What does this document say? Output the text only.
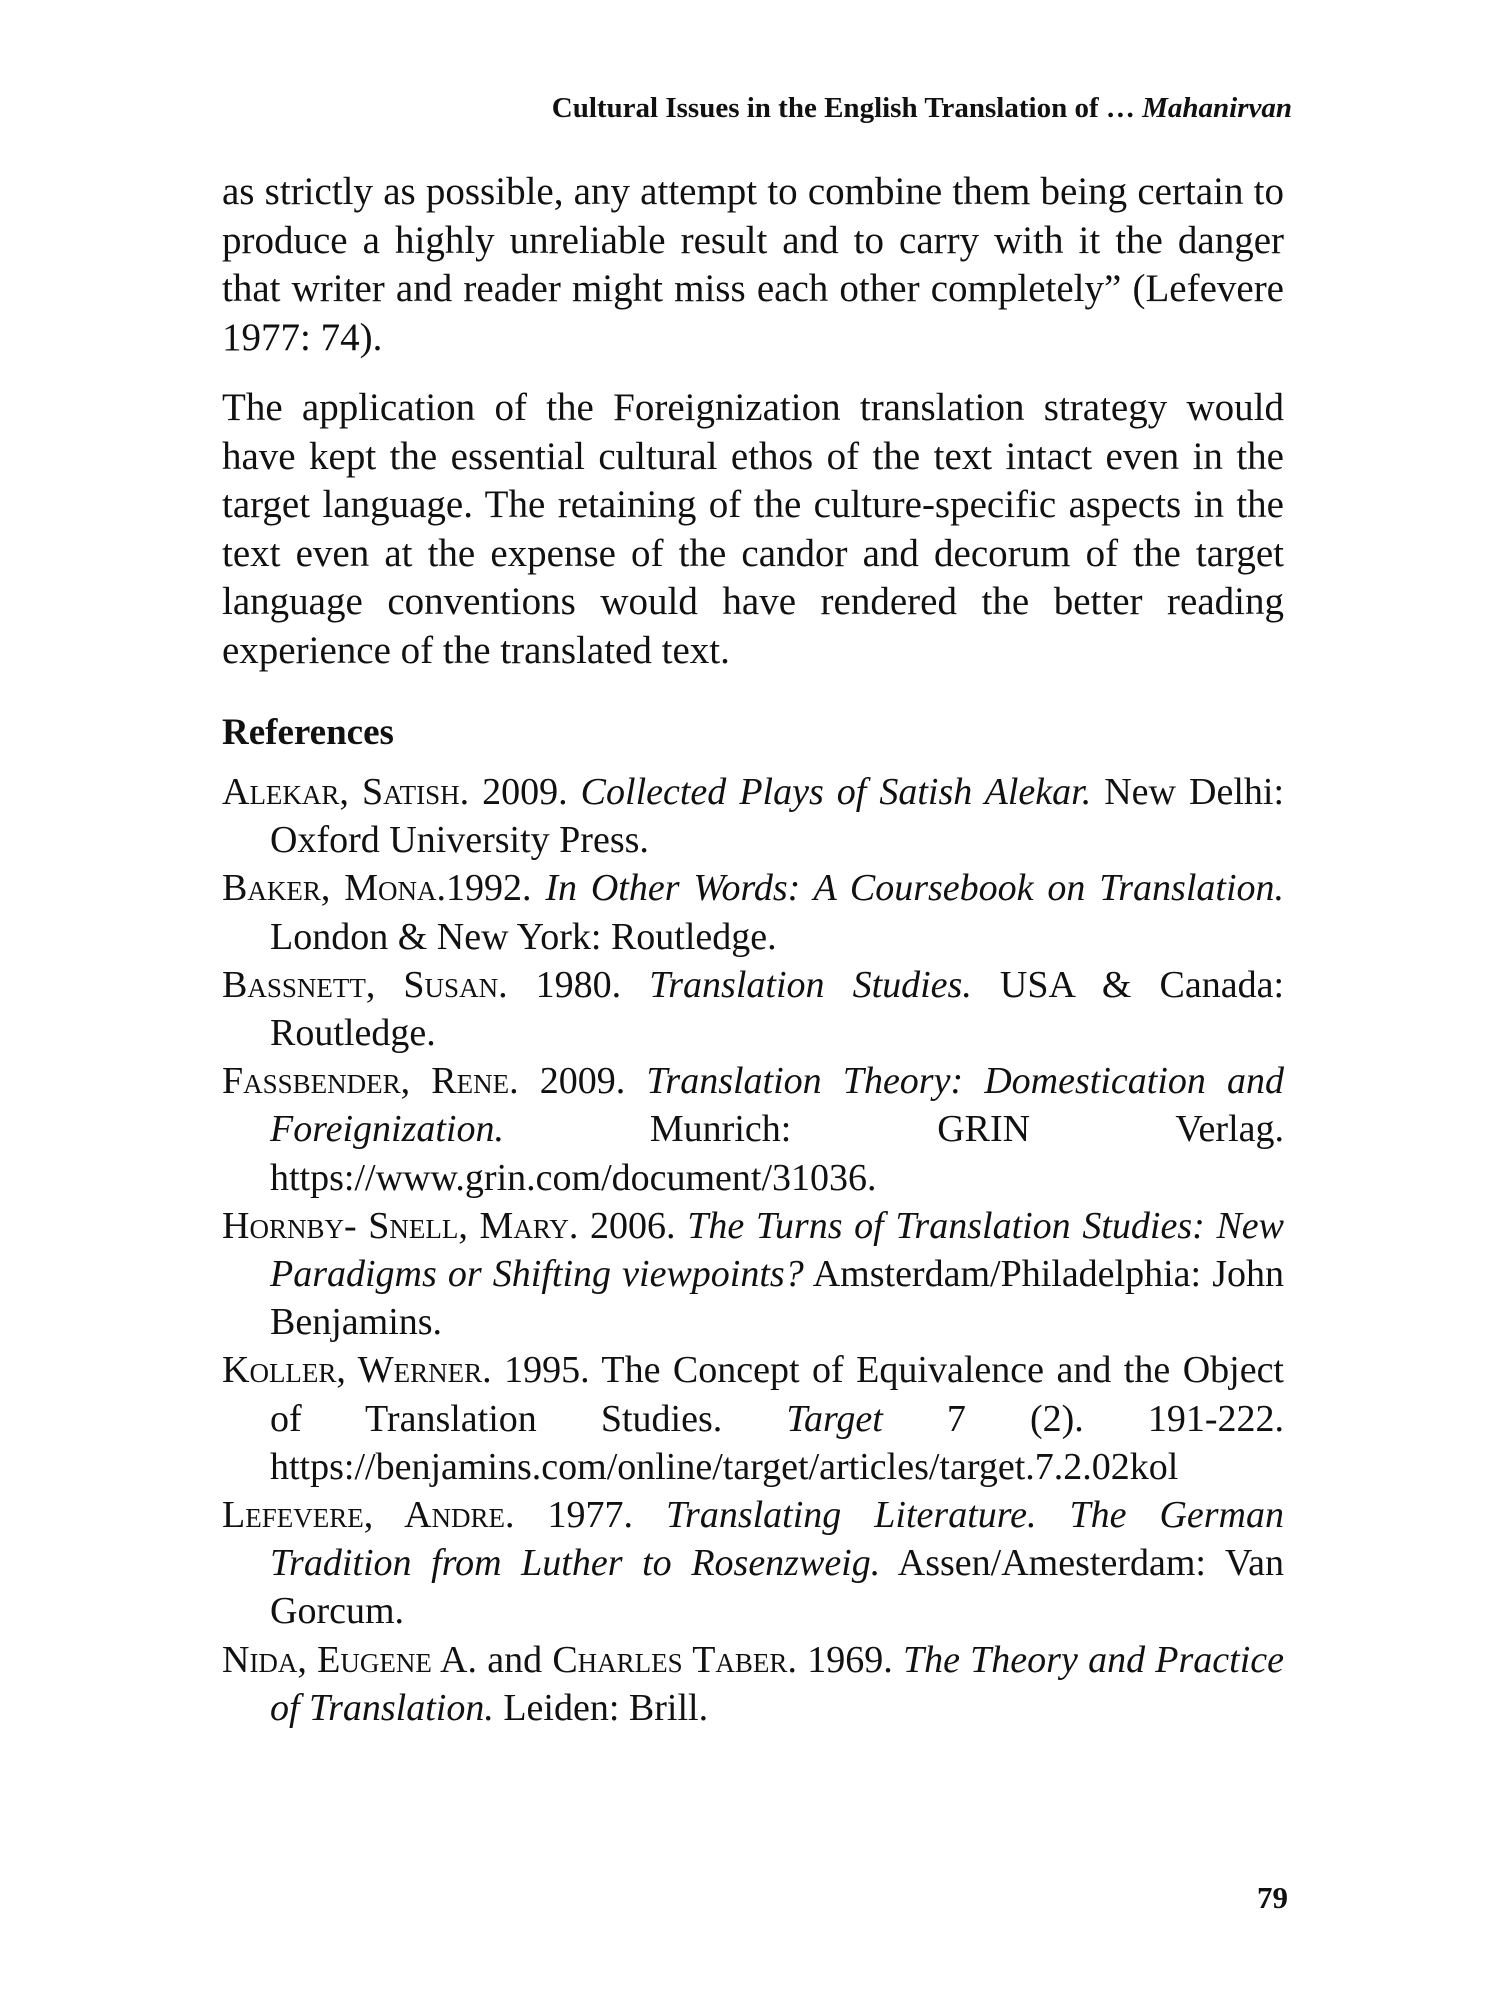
Cultural Issues in the English Translation of … Mahanirvan

as strictly as possible, any attempt to combine them being certain to produce a highly unreliable result and to carry with it the danger that writer and reader might miss each other completely” (Lefevere 1977: 74).

The application of the Foreignization translation strategy would have kept the essential cultural ethos of the text intact even in the target language. The retaining of the culture-specific aspects in the text even at the expense of the candor and decorum of the target language conventions would have rendered the better reading experience of the translated text.

References
Alekar, Satish. 2009. Collected Plays of Satish Alekar. New Delhi: Oxford University Press.
Baker, Mona.1992. In Other Words: A Coursebook on Translation. London & New York: Routledge.
Bassnett, Susan. 1980. Translation Studies. USA & Canada: Routledge.
Fassbender, Rene. 2009. Translation Theory: Domestication and Foreignization. Munrich: GRIN Verlag. https://www.grin.com/document/31036.
Hornby- Snell, Mary. 2006. The Turns of Translation Studies: New Paradigms or Shifting viewpoints? Amsterdam/Philadelphia: John Benjamins.
Koller, Werner. 1995. The Concept of Equivalence and the Object of Translation Studies. Target 7 (2). 191-222. https://benjamins.com/online/target/articles/target.7.2.02kol
Lefevere, Andre. 1977. Translating Literature. The German Tradition from Luther to Rosenzweig. Assen/Amesterdam: Van Gorcum.
Nida, Eugene A. and Charles Taber. 1969. The Theory and Practice of Translation. Leiden: Brill.
79
